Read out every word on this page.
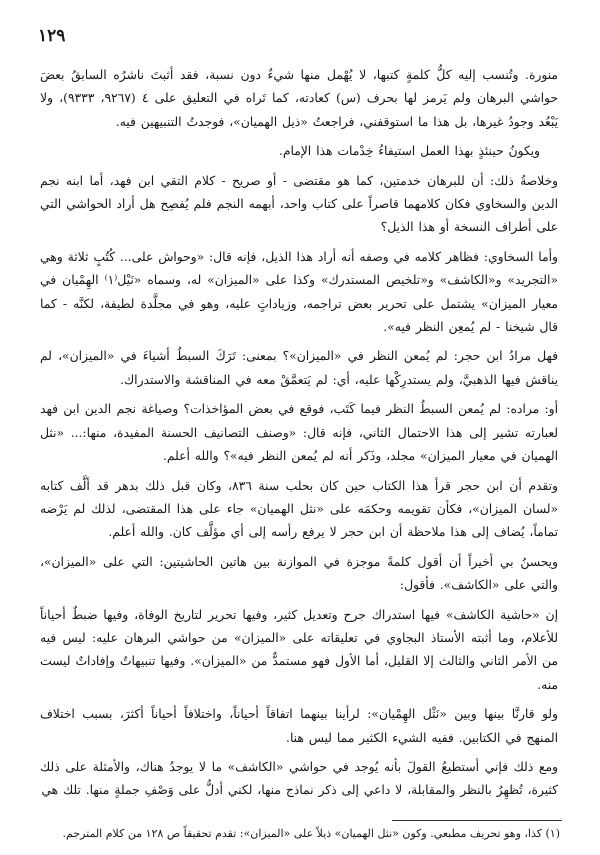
١٢٩

منورة. وتُنسب إليه كلُّ كلمةٍ كتبها، لا يُهْمل منها شيءٌ دون نسبة، فقد أثبتَ ناشرُه السابقُ بعضَ حواشي البرهان ولم يَرمز لها بحرف (س) كعادته، كما تَراه في التعليق على ٤ (٩٢٦٧، ٩٣٣٣)، ولا يَبْعُد وجودُ غيرها، بل هذا ما استوقفني، فراجعتُ «ذيل الهميان»، فوجدتُ التنبيهين فيه.

ويكونُ حينئذٍ بهذا العمل استيفاءُ خِدْمات هذا الإمام.

وخلاصةُ ذلك: أن للبرهان خدمتين، كما هو مقتضى - أو صريح - كلام التقي ابن فهد، أما ابنه نجم الدين والسخاوي فكان كلامهما قاصراً على كتاب واحد، أبهمه النجم فلم يُفصِح هل أراد الحواشي التي على أطراف النسخة أو هذا الذيل؟

وأما السخاوي: فظاهر كلامه في وصفه أنه أراد هذا الذيل، فإنه قال: «وحواش على... كُتُبٍ ثلاثة وهي «التجريد» و«الكاشف» و«تلخيص المستدرك» وكذا على «الميزان» له، وسماه «نَيْل⁽١⁾ الهِمْيان في معيار الميزان» يشتمل على تحرير بعض تراجمه، وزياداتٍ عليه، وهو في مجلَّدة لطيفة، لكنَّه - كما قال شيخنا - لم يُمعِن النظر فيه».

فهل مرادُ ابن حجر: لم يُمعن النظر في «الميزان»؟ بمعنى: تَرَكَ السبطُ أشياءَ في «الميزان»، لم يناقش فيها الذهبيَّ، ولم يستدرِكْها عليه، أي: لم يَتعمَّقْ معه في المناقشة والاستدراك.

أو: مراده: لم يُمعن السبطُ النظر فيما كَتَب، فوقع في بعض المؤاخذات؟ وصياغة نجم الدين ابن فهد لعبارته تشير إلى هذا الاحتمال الثاني، فإنه قال: «وصنف التصانيف الحسنة المفيدة، منها:... «نثل الهميان في معيار الميزان» مجلد، وذَكر أنه لم يُمعن النظر فيه»؟ والله أعلم.

وتقدم أن ابن حجر قرأ هذا الكتاب حين كان بحلب سنة ٨٣٦، وكان قبل ذلك بدهر قد ألَّف كتابه «لسان الميزان»، فكأن تقويمه وحكمَه على «نثل الهميان» جاء على هذا المقتضى، لذلك لم يَرْضه تماماً، يُضاف إلى هذا ملاحظة أن ابن حجر لا يرفع رأسه إلى أي مؤلَّف كان. والله أعلم.

ويحسنُ بي أخيراً أن أقول كلمةً موجزة في الموازنة بين هاتين الحاشيتين: التي على «الميزان»، والتي على «الكاشف». فأقول:

إن «حاشية الكاشف» فيها استدراك جرح وتعديل كثير، وفيها تحرير لتاريخ الوفاة، وفيها ضبطٌ أحياناً للأعلام، وما أثبته الأستاذ البجاوي في تعليقاته على «الميزان» من حواشي البرهان عليه: ليس فيه من الأمر الثاني والثالث إلا القليل، أما الأول فهو مستمدٌّ من «الميزان». وفيها تنبيهاتٌ وإفاداتٌ ليست منه.

ولو قارنَّا بينها وبين «نَثْل الهِمْيان»: لرأينا بينهما اتفاقاً أحياناً، واختلافاً أحياناً أكثرَ، بسبب اختلاف المنهج في الكتابين. ففيه الشيء الكثير مما ليس هنا.

ومع ذلك فإني أستطيعُ القولَ بأنه يُوجد في حواشي «الكاشف» ما لا يوجدُ هناك، والأمثلة على ذلك كثيرة، تُظهِرُ بالنظر والمقابلة، لا داعي إلى ذكر نماذج منها، لكني أدلُّ على وَصْفِ جملةٍ منها. تلك هي

(١) كذا، وهو تحريف مطبعي. وكون «نثل الهميان» ذيلاً على «الميزان»: تقدم تحقيقاً ص ١٢٨ من كلام المترجم.
